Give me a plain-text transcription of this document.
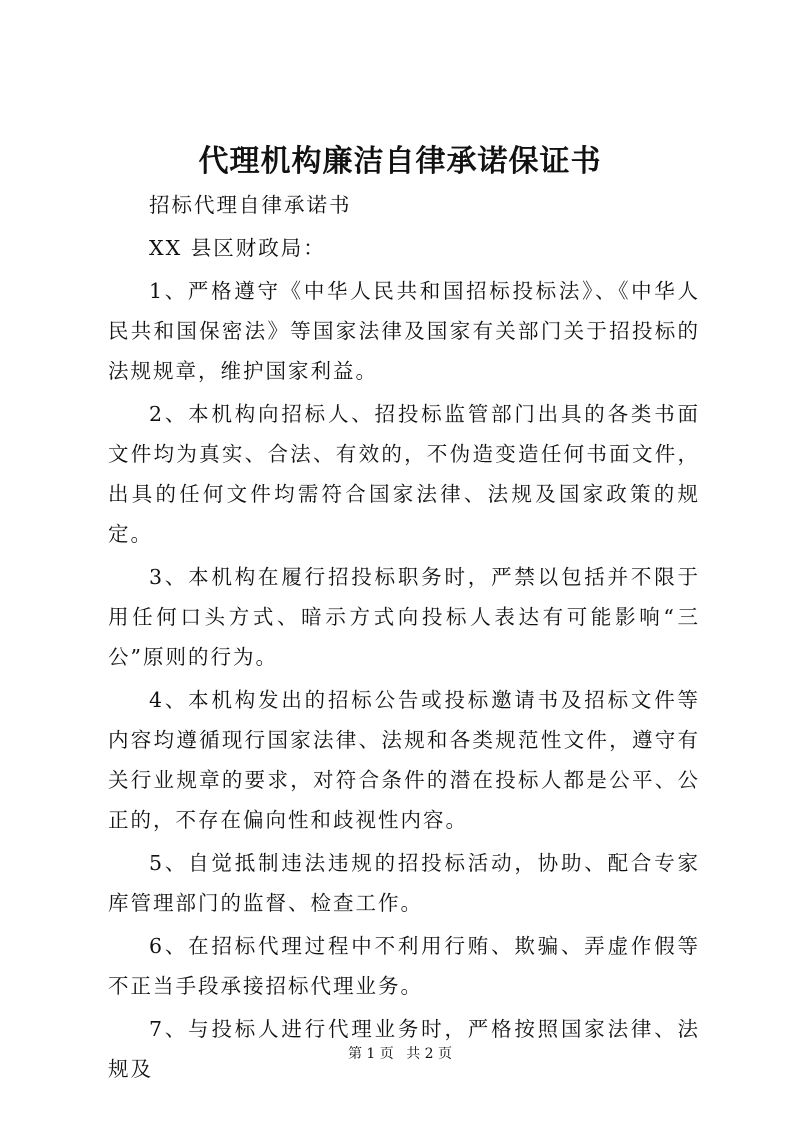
代理机构廉洁自律承诺保证书

招标代理自律承诺书

XX 县区财政局：

1、严格遵守《中华人民共和国招标投标法》、《中华人民共和国保密法》等国家法律及国家有关部门关于招投标的法规规章，维护国家利益。

2、本机构向招标人、招投标监管部门出具的各类书面文件均为真实、合法、有效的，不伪造变造任何书面文件，出具的任何文件均需符合国家法律、法规及国家政策的规定。

3、本机构在履行招投标职务时，严禁以包括并不限于用任何口头方式、暗示方式向投标人表达有可能影响“三公”原则的行为。

4、本机构发出的招标公告或投标邀请书及招标文件等内容均遵循现行国家法律、法规和各类规范性文件，遵守有关行业规章的要求，对符合条件的潜在投标人都是公平、公正的，不存在偏向性和歧视性内容。

5、自觉抵制违法违规的招投标活动，协助、配合专家库管理部门的监督、检查工作。

6、在招标代理过程中不利用行贿、欺骗、弄虚作假等不正当手段承接招标代理业务。

7、与投标人进行代理业务时，严格按照国家法律、法规及

第 1 页 共 2 页
